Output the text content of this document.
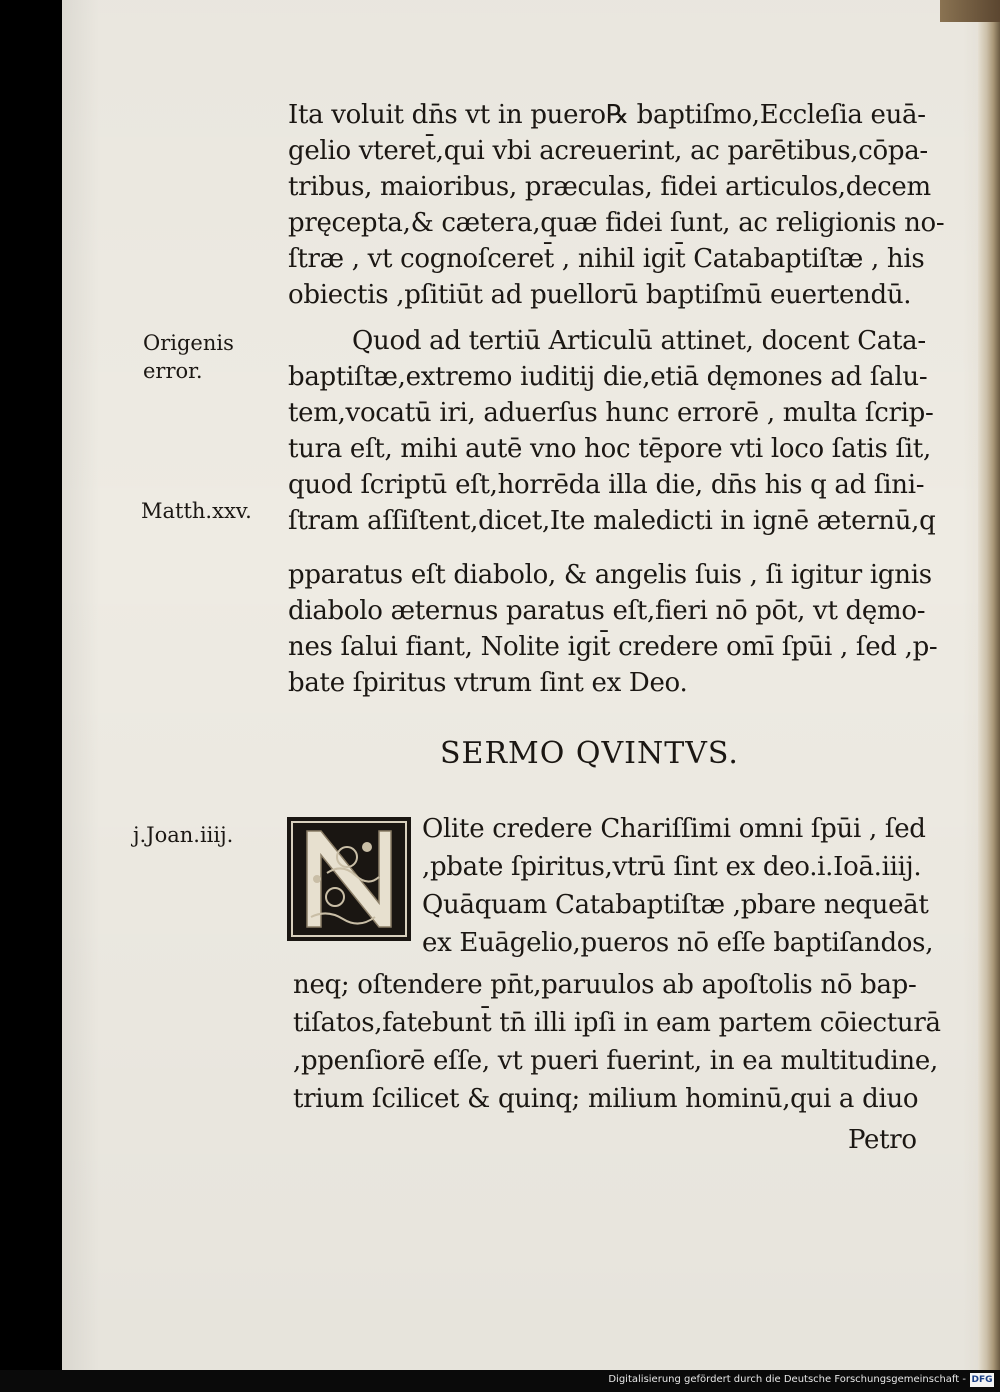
Ita voluit dn̄s vt in puero℞ baptiſmo,Eccleſia euā-
gelio vteret̄,qui vbi acreuerint, ac parētibus,cōpa-
tribus, maioribus, præculas, fidei articulos,decem
pręcepta,& cætera,quæ fidei ſunt, ac religionis no-
ſtræ , vt cognoſceret̄ , nihil igit̄ Catabaptiſtæ , his
obiectis ,pſitiūt ad puellorū baptiſmū euertendū.
Origenis
error.
Matth.xxv.
j.Joan.iiij.
Quod ad tertiū Articulū attinet, docent Cata-
baptiſtæ,extremo iuditij die,etiā dęmones ad ſalu-
tem,vocatū iri, aduerſus hunc errorē , multa ſcrip-
tura eſt, mihi autē vno hoc tēpore vti loco ſatis ſit,
quod ſcriptū eſt,horrēda illa die, dn̄s his q ad ſini-
ſtram aſſiſtent,dicet,Ite maledicti in ignē æternū,q
pparatus eſt diabolo, & angelis ſuis , ſi igitur ignis
diabolo æternus paratus eſt,fieri nō pōt, vt dęmo-
nes ſalui fiant, Nolite igit̄ credere omī ſpūi , ſed ,p-
bate ſpiritus vtrum ſint ex Deo.
SERMO QVINTVS.
Olite credere Chariſſimi omni ſpūi , ſed
,pbate ſpiritus,vtrū ſint ex deo.i.Ioā.iiij.
Quāquam Catabaptiſtæ ,pbare nequeāt
ex Euāgelio,pueros nō eſſe baptiſandos,
neq; oſtendere pn̄t,paruulos ab apoſtolis nō bap-
tiſatos,fatebunt̄ tn̄ illi ipſi in eam partem cōiecturā
,ppenſiorē eſſe, vt pueri fuerint, in ea multitudine,
trium ſcilicet & quinq; milium hominū,qui a diuo
Petro
Digitalisierung gefördert durch die Deutsche Forschungsgemeinschaft - DFG
